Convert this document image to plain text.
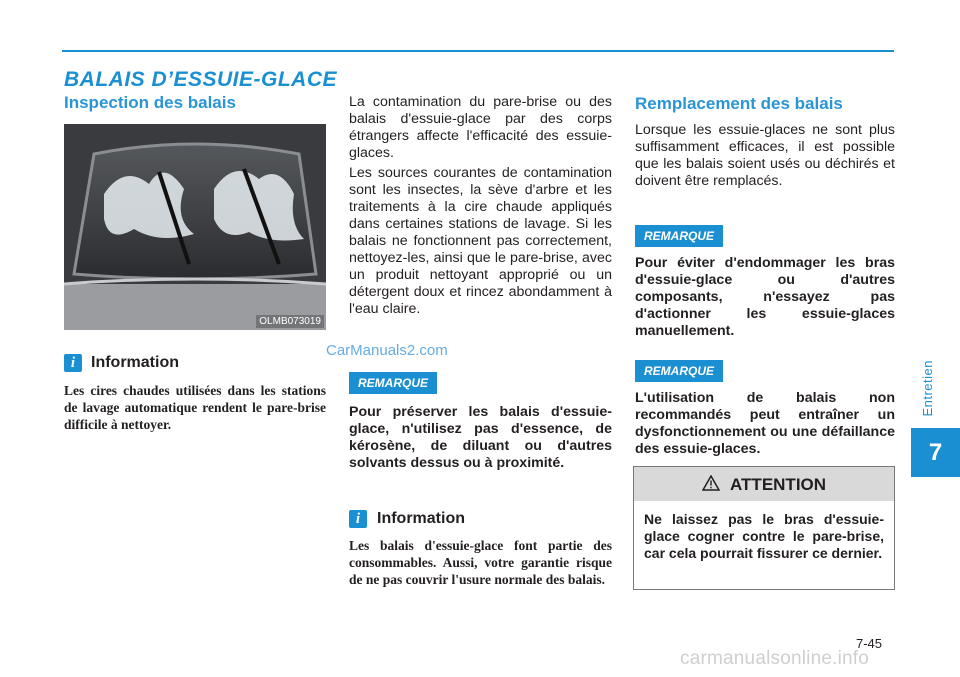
BALAIS D’ESSUIE-GLACE
Inspection des balais
OLMB073019
i Information

Les cires chaudes utilisées dans les stations de lavage automatique rendent le pare-brise difficile à nettoyer.

La contamination du pare-brise ou des balais d'essuie-glace par des corps étrangers affecte l'efficacité des essuie-glaces.

Les sources courantes de contamination sont les insectes, la sève d'arbre et les traitements à la cire chaude appliqués dans certaines stations de lavage. Si les balais ne fonctionnent pas correctement, nettoyez-les, ainsi que le pare-brise, avec un produit nettoyant approprié ou un détergent doux et rincez abondamment à l'eau claire.

CarManuals2.com
REMARQUE

Pour préserver les balais d'essuie-glace, n'utilisez pas d'essence, de kérosène, de diluant ou d'autres solvants dessus ou à proximité.

i	Information

Les balais d'essuie-glace font partie des consommables. Aussi, votre garantie risque de ne pas couvrir l'usure normale des balais.

Remplacement des balais

Lorsque les essuie-glaces ne sont plus suffisamment efficaces, il est possible que les balais soient usés ou déchirés et doivent être remplacés.

REMARQUE

Pour éviter d'endommager les bras d'essuie-glace ou d'autres composants, n'essayez pas d'actionner les essuie-glaces manuellement.

REMARQUE

L'utilisation de balais non recommandés peut entraîner un dysfonctionnement ou une défaillance des essuie-glaces.

ATTENTION

Ne laissez pas le bras d'essuie-glace cogner contre le pare-brise, car cela pourrait fissurer ce dernier.

Entretien
7
7-45
carmanualsonline.info
